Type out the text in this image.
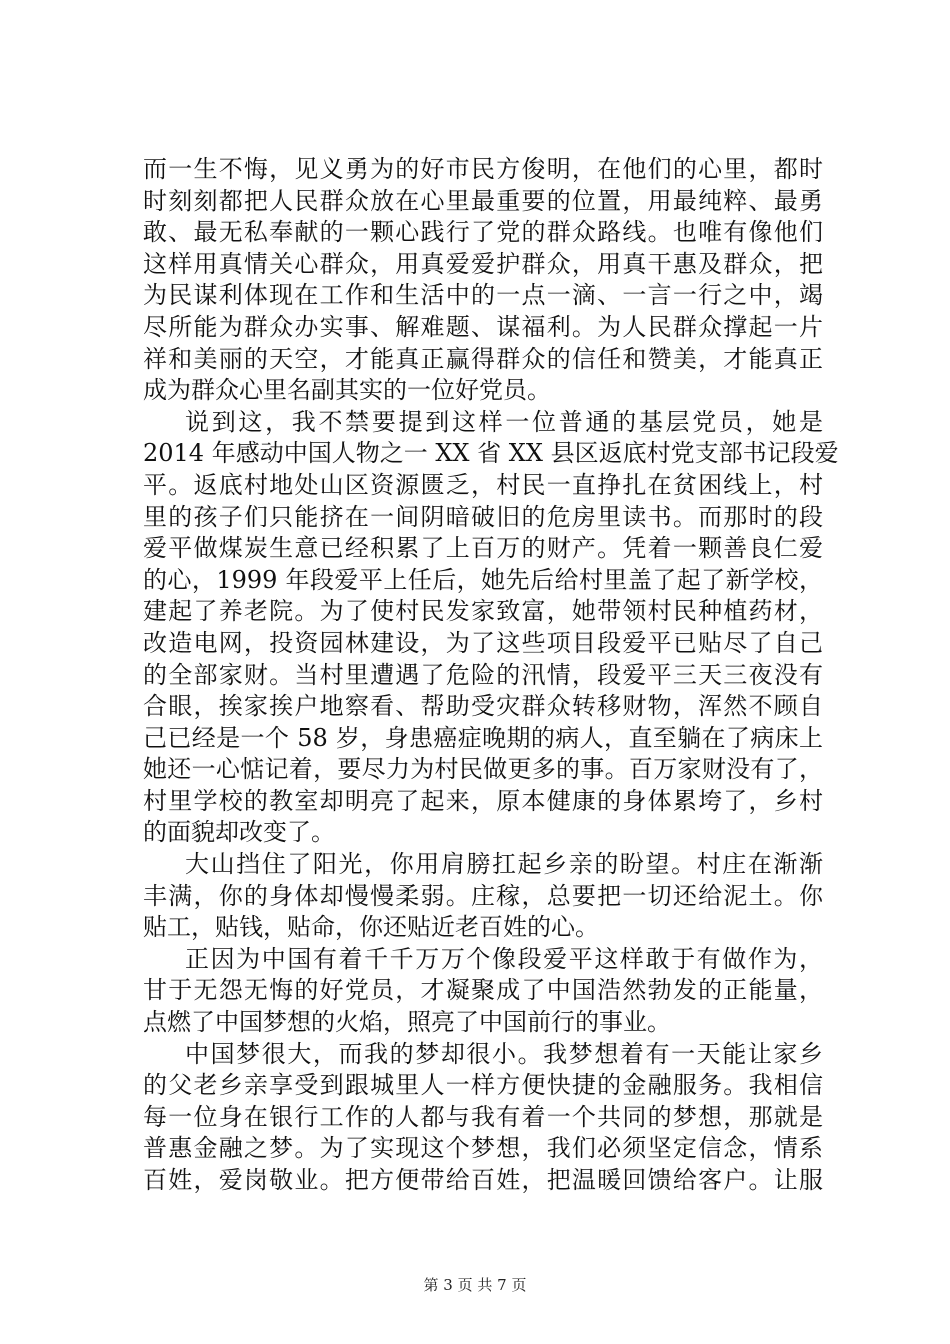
而一生不悔，见义勇为的好市民方俊明，在他们的心里，都时
时刻刻都把人民群众放在心里最重要的位置，用最纯粹、最勇
敢、最无私奉献的一颗心践行了党的群众路线。也唯有像他们
这样用真情关心群众，用真爱爱护群众，用真干惠及群众，把
为民谋利体现在工作和生活中的一点一滴、一言一行之中，竭
尽所能为群众办实事、解难题、谋福利。为人民群众撑起一片
祥和美丽的天空，才能真正赢得群众的信任和赞美，才能真正
成为群众心里名副其实的一位好党员。
说到这，我不禁要提到这样一位普通的基层党员，她是
2014 年感动中国人物之一 XX 省 XX 县区返底村党支部书记段爱
平。返底村地处山区资源匮乏，村民一直挣扎在贫困线上，村
里的孩子们只能挤在一间阴暗破旧的危房里读书。而那时的段
爱平做煤炭生意已经积累了上百万的财产。凭着一颗善良仁爱
的心，1999 年段爱平上任后，她先后给村里盖了起了新学校，
建起了养老院。为了使村民发家致富，她带领村民种植药材，
改造电网，投资园林建设，为了这些项目段爱平已贴尽了自己
的全部家财。当村里遭遇了危险的汛情，段爱平三天三夜没有
合眼，挨家挨户地察看、帮助受灾群众转移财物，浑然不顾自
己已经是一个 58 岁，身患癌症晚期的病人，直至躺在了病床上
她还一心惦记着，要尽力为村民做更多的事。百万家财没有了，
村里学校的教室却明亮了起来，原本健康的身体累垮了，乡村
的面貌却改变了。
大山挡住了阳光，你用肩膀扛起乡亲的盼望。村庄在渐渐
丰满，你的身体却慢慢柔弱。庄稼，总要把一切还给泥土。你
贴工，贴钱，贴命，你还贴近老百姓的心。
正因为中国有着千千万万个像段爱平这样敢于有做作为，
甘于无怨无悔的好党员，才凝聚成了中国浩然勃发的正能量，
点燃了中国梦想的火焰，照亮了中国前行的事业。
中国梦很大，而我的梦却很小。我梦想着有一天能让家乡
的父老乡亲享受到跟城里人一样方便快捷的金融服务。我相信
每一位身在银行工作的人都与我有着一个共同的梦想，那就是
普惠金融之梦。为了实现这个梦想，我们必须坚定信念，情系
百姓，爱岗敬业。把方便带给百姓，把温暖回馈给客户。让服
第 3 页 共 7 页
